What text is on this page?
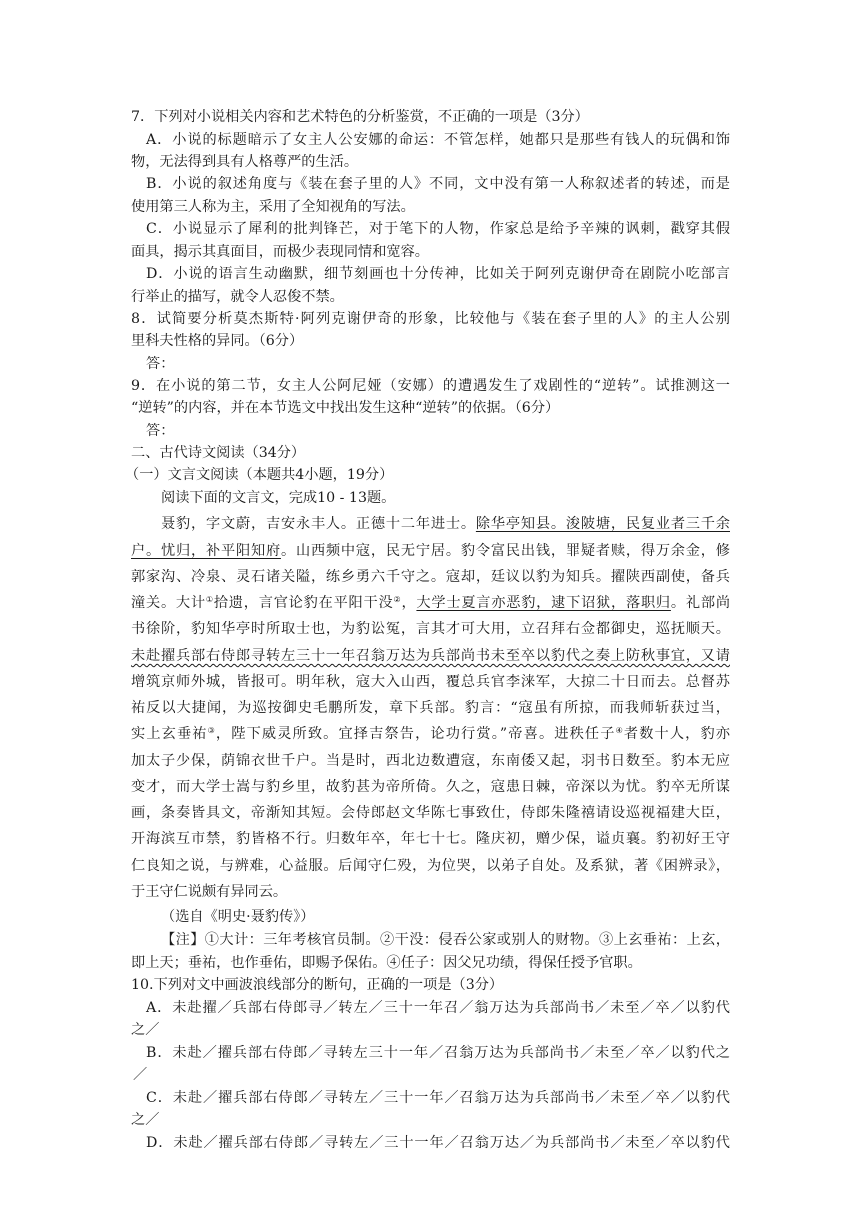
7．下列对小说相关内容和艺术特色的分析鉴赏，不正确的一项是（3分）
A．小说的标题暗示了女主人公安娜的命运：不管怎样，她都只是那些有钱人的玩偶和饰
物，无法得到具有人格尊严的生活。
B．小说的叙述角度与《装在套子里的人》不同，文中没有第一人称叙述者的转述，而是
使用第三人称为主，采用了全知视角的写法。
C．小说显示了犀利的批判锋芒，对于笔下的人物，作家总是给予辛辣的讽刺，戳穿其假
面具，揭示其真面目，而极少表现同情和宽容。
D．小说的语言生动幽默，细节刻画也十分传神，比如关于阿列克谢伊奇在剧院小吃部言
行举止的描写，就令人忍俊不禁。
8．试简要分析莫杰斯特·阿列克谢伊奇的形象，比较他与《装在套子里的人》的主人公别
里科夫性格的异同。（6分）
答：
9．在小说的第二节，女主人公阿尼娅（安娜）的遭遇发生了戏剧性的“逆转”。试推测这一
“逆转”的内容，并在本节选文中找出发生这种“逆转”的依据。（6分）
答：
二、古代诗文阅读（34分）
（一）文言文阅读（本题共4小题，19分）
阅读下面的文言文，完成10 - 13题。
聂豹，字文蔚，吉安永丰人。正德十二年进士。除华亭知县。浚陂塘，民复业者三千余
户。忧归，补平阳知府。山西频中寇，民无宁居。豹令富民出钱，罪疑者赎，得万余金，修
郭家沟、冷泉、灵石诸关隘，练乡勇六千守之。寇却，廷议以豹为知兵。擢陕西副使，备兵
潼关。大计①拾遗，言官论豹在平阳干没②，大学士夏言亦恶豹，逮下诏狱，落职归。礼部尚
书徐阶，豹知华亭时所取士也，为豹讼冤，言其才可大用，立召拜右佥都御史，巡抚顺天。
未赴擢兵部右侍郎寻转左三十一年召翁万达为兵部尚书未至卒以豹代之奏上防秋事宜，又请
增筑京师外城，皆报可。明年秋，寇大入山西，覆总兵官李涞军，大掠二十日而去。总督苏
祐反以大捷闻，为巡按御史毛鹏所发，章下兵部。豹言：“寇虽有所掠，而我师斩获过当，
实上玄垂祐③，陛下威灵所致。宜择吉祭告，论功行赏。”帝喜。进秩任子④者数十人，豹亦
加太子少保，荫锦衣世千户。当是时，西北边数遭寇，东南倭又起，羽书日数至。豹本无应
变才，而大学士嵩与豹乡里，故豹甚为帝所倚。久之，寇患日棘，帝深以为忧。豹卒无所谋
画，条奏皆具文，帝渐知其短。会侍郎赵文华陈七事致仕，侍郎朱隆禧请设巡视福建大臣，
开海滨互市禁，豹皆格不行。归数年卒，年七十七。隆庆初，赠少保，谥贞襄。豹初好王守
仁良知之说，与辨难，心益服。后闻守仁殁，为位哭，以弟子自处。及系狱，著《困辨录》，
于王守仁说颇有异同云。
（选自《明史·聂豹传》）
【注】①大计：三年考核官员制。②干没：侵吞公家或别人的财物。③上玄垂祐：上玄，
即上天；垂祐，也作垂佑，即赐予保佑。④任子：因父兄功绩，得保任授予官职。
10.下列对文中画波浪线部分的断句，正确的一项是（3分）
A．未赴擢／兵部右侍郎寻／转左／三十一年召／翁万达为兵部尚书／未至／卒／以豹代
之／
B．未赴／擢兵部右侍郎／寻转左三十一年／召翁万达为兵部尚书／未至／卒／以豹代之
／
C．未赴／擢兵部右侍郎／寻转左／三十一年／召翁万达为兵部尚书／未至／卒／以豹代
之／
D．未赴／擢兵部右侍郎／寻转左／三十一年／召翁万达／为兵部尚书／未至／卒以豹代
